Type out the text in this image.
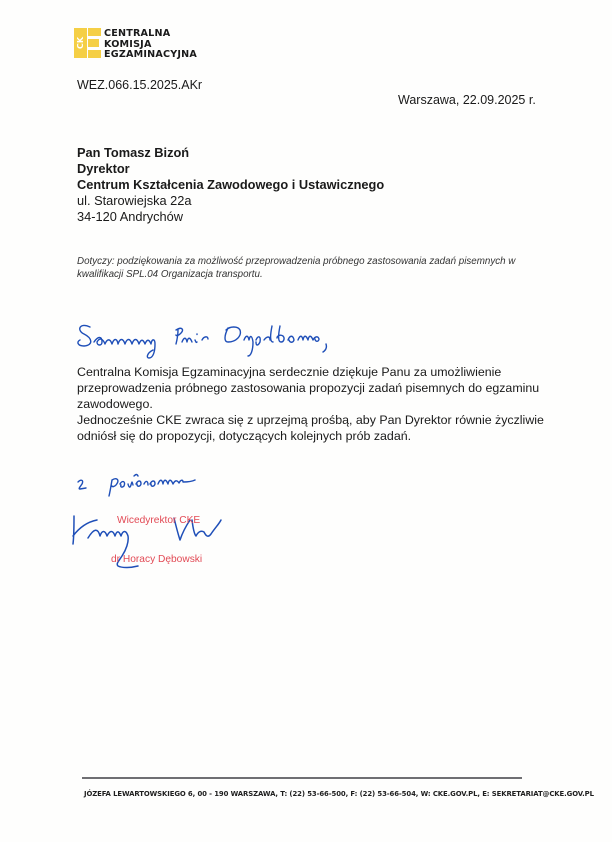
CK
CENTRALNA
KOMISJA
EGZAMINACYJNA
WEZ.066.15.2025.AKr
Warszawa, 22.09.2025 r.
Pan Tomasz Bizoń
Dyrektor
Centrum Kształcenia Zawodowego i Ustawicznego
ul. Starowiejska 22a
34-120 Andrychów
Dotyczy: podziękowania za możliwość przeprowadzenia próbnego zastosowania zadań pisemnych w kwalifikacji SPL.04 Organizacja transportu.

Centralna Komisja Egzaminacyjna serdecznie dziękuje Panu za umożliwienie przeprowadzenia próbnego zastosowania propozycji zadań pisemnych do egzaminu zawodowego.

Jednocześnie CKE zwraca się z uprzejmą prośbą, aby Pan Dyrektor równie życzliwie odniósł się do propozycji, dotyczących kolejnych prób zadań.

Wicedyrektor CKE
dr Horacy Dębowski
JÓZEFA LEWARTOWSKIEGO 6, 00 - 190 WARSZAWA, T: (22) 53-66-500, F: (22) 53-66-504, W: CKE.GOV.PL, E: SEKRETARIAT@CKE.GOV.PL
